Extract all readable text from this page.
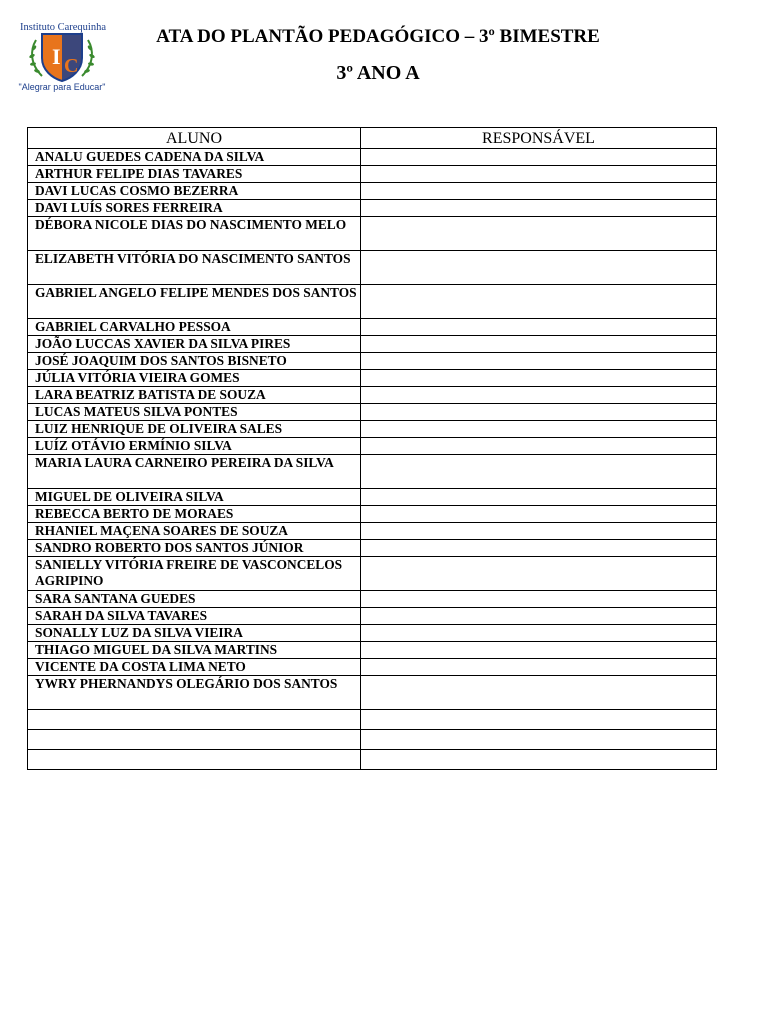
Instituto Carequinha
I C
"Alegrar para Educar"
ATA DO PLANTÃO PEDAGÓGICO – 3º BIMESTRE
3º ANO A
ALUNO	RESPONSÁVEL
ANALU GUEDES CADENA DA SILVA	
ARTHUR FELIPE DIAS TAVARES	
DAVI LUCAS COSMO BEZERRA	
DAVI LUÍS SORES FERREIRA	
DÉBORA NICOLE DIAS DO NASCIMENTO MELO	
ELIZABETH VITÓRIA DO NASCIMENTO SANTOS	
GABRIEL ANGELO FELIPE MENDES DOS SANTOS	
GABRIEL CARVALHO PESSOA	
JOÃO LUCCAS XAVIER DA SILVA PIRES	
JOSÉ JOAQUIM DOS SANTOS BISNETO	
JÚLIA VITÓRIA VIEIRA GOMES	
LARA BEATRIZ BATISTA DE SOUZA	
LUCAS MATEUS SILVA PONTES	
LUIZ HENRIQUE DE OLIVEIRA SALES	
LUÍZ OTÁVIO ERMÍNIO SILVA	
MARIA LAURA CARNEIRO PEREIRA DA SILVA	
MIGUEL DE OLIVEIRA SILVA	
REBECCA BERTO DE MORAES	
RHANIEL MAÇENA SOARES DE SOUZA	
SANDRO ROBERTO DOS SANTOS JÚNIOR	
SANIELLY VITÓRIA FREIRE DE VASCONCELOS AGRIPINO	
SARA SANTANA GUEDES	
SARAH DA SILVA TAVARES	
SONALLY LUZ DA SILVA VIEIRA	
THIAGO MIGUEL DA SILVA MARTINS	
VICENTE DA COSTA LIMA NETO	
YWRY PHERNANDYS OLEGÁRIO DOS SANTOS	
